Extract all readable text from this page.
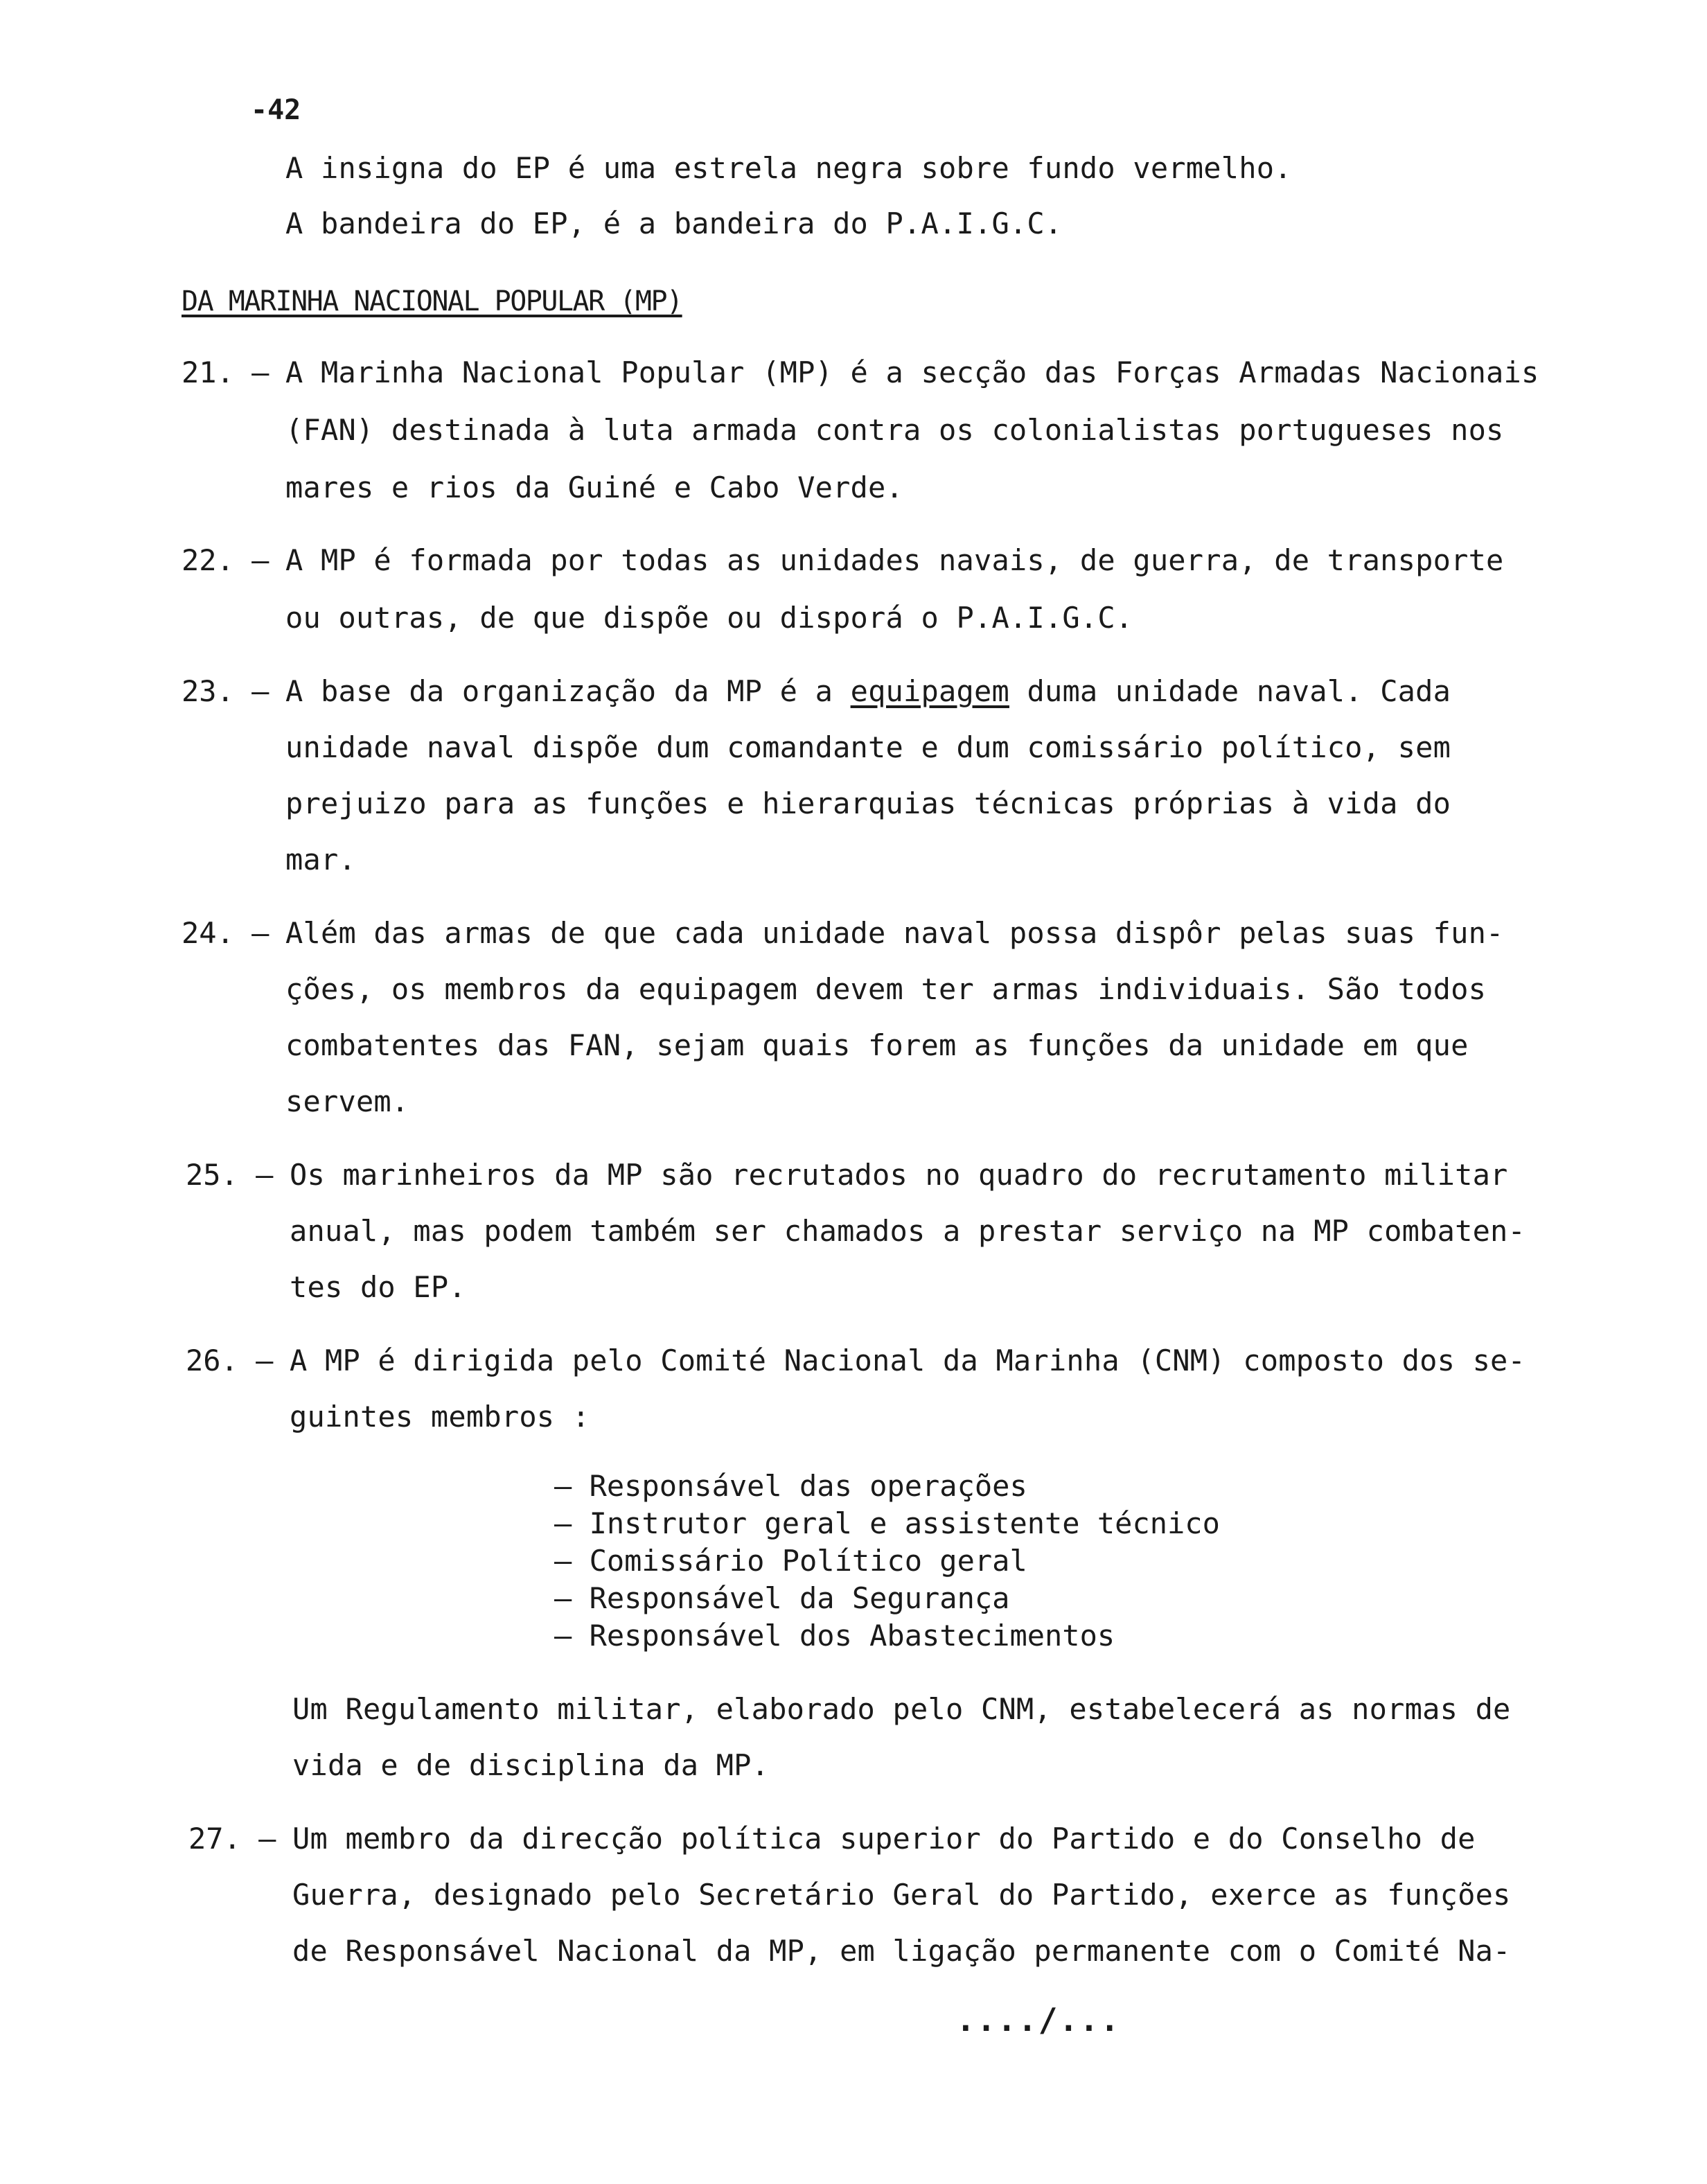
-42
A insigna do EP é uma estrela negra sobre fundo vermelho.
A bandeira do EP, é a bandeira do P.A.I.G.C.
DA MARINHA NACIONAL POPULAR (MP)
21. – A Marinha Nacional Popular (MP) é a secção das Forças Armadas Nacionais
(FAN) destinada à luta armada contra os colonialistas portugueses nos
mares e rios da Guiné e Cabo Verde.
22. – A MP é formada por todas as unidades navais, de guerra, de transporte
ou outras, de que dispõe ou disporá o P.A.I.G.C.
23. – A base da organização da MP é a equipagem duma unidade naval. Cada
unidade naval dispõe dum comandante e dum comissário político, sem
prejuizo para as funções e hierarquias técnicas próprias à vida do
mar.
24. – Além das armas de que cada unidade naval possa dispôr pelas suas fun-
ções, os membros da equipagem devem ter armas individuais. São todos
combatentes das FAN, sejam quais forem as funções da unidade em que
servem.
25. – Os marinheiros da MP são recrutados no quadro do recrutamento militar
anual, mas podem também ser chamados a prestar serviço na MP combaten-
tes do EP.
26. – A MP é dirigida pelo Comité Nacional da Marinha (CNM) composto dos se-
guintes membros :
– Responsável das operações
– Instrutor geral e assistente técnico
– Comissário Político geral
– Responsável da Segurança
– Responsável dos Abastecimentos
Um Regulamento militar, elaborado pelo CNM, estabelecerá as normas de
vida e de disciplina da MP.
27. – Um membro da direcção política superior do Partido e do Conselho de
Guerra, designado pelo Secretário Geral do Partido, exerce as funções
de Responsável Nacional da MP, em ligação permanente com o Comité Na-
..../...
